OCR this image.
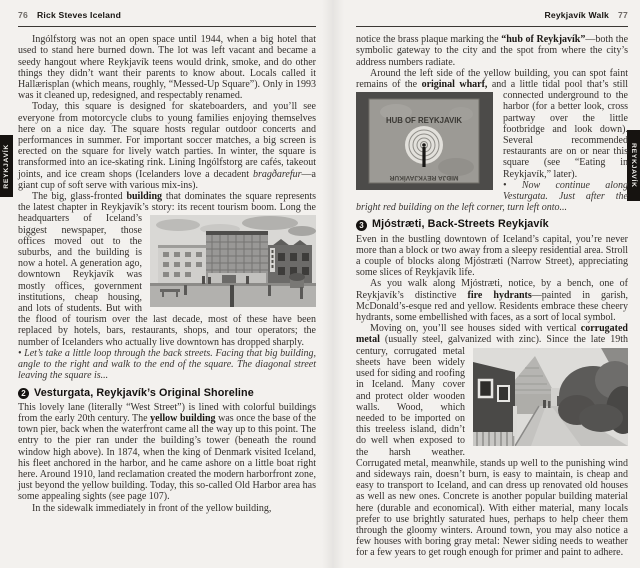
REYKJAVÍK	REYKJAVÍK
76 Rick Steves Iceland

Ingólfstorg was not an open space until 1944, when a big hotel that used to stand here burned down. The lot was left vacant and became a seedy hangout where Reykjavík teens would drink, smoke, and do other things they didn’t want their parents to know about. Locals called it Hallærisplan (which means, roughly, “Messed-Up Square”). Only in 1993 was it cleaned up, redesigned, and respectably renamed.

Today, this square is designed for skateboarders, and you’ll see everyone from motorcycle clubs to young families enjoying themselves here on a nice day. The square hosts regular outdoor concerts and performances in summer. For important soccer matches, a big screen is erected on the square for lively watch parties. In winter, the square is transformed into an ice-skating rink. Lining Ingólfstorg are cafés, takeout joints, and ice cream shops (Icelanders love a decadent bragðarefur—a giant cup of soft serve with various mix-ins).

The big, glass-fronted building that dominates the square represents the latest chapter in Reykjavík’s story: its recent tourism boom.
Long the headquarters of Iceland’s biggest newspaper, those offices moved out to the suburbs, and the building is now a hotel. A generation ago, downtown Reykjavík was mostly offices, government institutions, cheap housing, and lots of students. But with the flood of tourism over the last decade, most of these have been replaced by hotels, bars, restaurants, shops, and tour operators; the number of Icelanders who actually live downtown has dropped sharply.

• Let’s take a little loop through the back streets. Facing that big building, angle to the right and walk to the end of the square. The diagonal street leaving the square is...

2 Vesturgata, Reykjavík’s Original Shoreline

This lovely lane (literally “West Street”) is lined with colorful buildings from the early 20th century. The yellow building was once the base of the town pier, back when the waterfront came all the way up to this point. The entry to the pier ran under the building’s tower (beneath the round window high above). In 1874, when the king of Denmark visited Iceland, his fleet anchored in the harbor, and he came ashore on a little boat right here. Around 1910, land reclamation created the modern harborfront zone, just beyond the yellow building. Today, this so-called Old Harbor area has some appealing sights (see page 107).

In the sidewalk immediately in front of the yellow building,

Reykjavík Walk 77

notice the brass plaque marking the “hub of Reykjavík”—both the symbolic gateway to the city and the spot from where the city’s address numbers radiate.

Around the left side of the yellow building, you can spot faint remains of the original wharf, and a little tidal pool that’s still
HUB OF REYKJAVIK
MIÐJA REYKJAVÍKUR
connected underground to the harbor (for a better look, cross partway over the little footbridge and look down). Several recommended restaurants are on or near this square (see “Eating in Reykjavík,” later).

• Now continue along Vesturgata. Just after the bright red building on the left corner, turn left onto...

3 Mjóstræti, Back-Streets Reykjavík

Even in the bustling downtown of Iceland’s capital, you’re never more than a block or two away from a sleepy residential area. Stroll a couple of blocks along Mjóstræti (Narrow Street), appreciating some slices of Reykjavík life.

As you walk along Mjóstræti, notice, by a bench, one of Reykjavík’s distinctive fire hydrants—painted in garish, McDonald’s-esque red and yellow. Residents embrace these cheery hydrants, some embellished with faces, as a sort of local symbol.

Moving on, you’ll see houses sided with vertical corrugated metal (usually steel, galvanized with zinc). Since the late 19th
century, corrugated metal sheets have been widely used for siding and roofing in Iceland. Many cover and protect older wooden walls. Wood, which needed to be imported on this treeless island, didn’t do well when exposed to the harsh weather. Corrugated metal, meanwhile, stands up well to the punishing wind and sideways rain, doesn’t burn, is easy to maintain, is cheap and easy to transport to Iceland, and can dress up renovated old houses as well as new ones. Concrete is another popular building material here (durable and economical). With either material, many locals prefer to use brightly saturated hues, perhaps to help cheer them through the gloomy winters. Around town, you may also notice a few houses with boring gray metal: Newer siding needs to weather for a few years to get rough enough for primer and paint to adhere.
